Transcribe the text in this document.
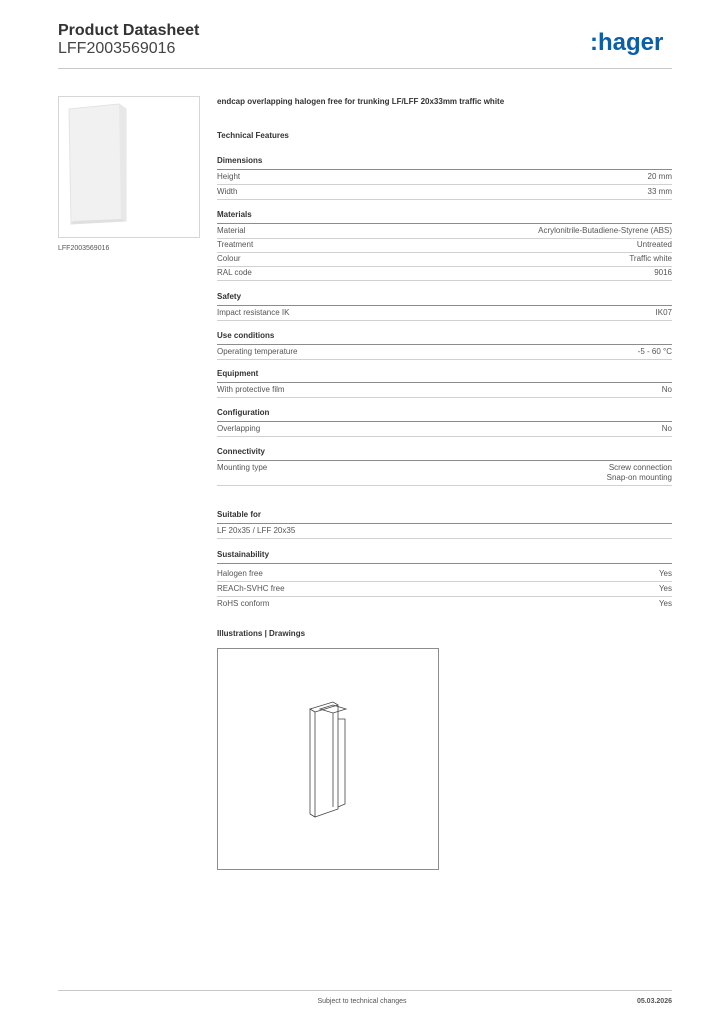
Product Datasheet
LFF2003569016	:hager
LFF2003569016
endcap overlapping halogen free for trunking LF/LFF 20x33mm traffic white
Technical Features
Dimensions
Height	20 mm
Width	33 mm
Materials
Material	Acrylonitrile-Butadiene-Styrene (ABS)
Treatment	Untreated
Colour	Traffic white
RAL code	9016
Safety
Impact resistance IK	IK07
Use conditions
Operating temperature	-5 - 60 °C
Equipment
With protective film	No
Configuration
Overlapping	No
Connectivity
Mounting type	Screw connection
Snap-on mounting
Suitable for
LF 20x35 / LFF 20x35
Sustainability
Halogen free	Yes
REACh-SVHC free	Yes
RoHS conform	Yes
Illustrations | Drawings
Subject to technical changes	05.03.2026
